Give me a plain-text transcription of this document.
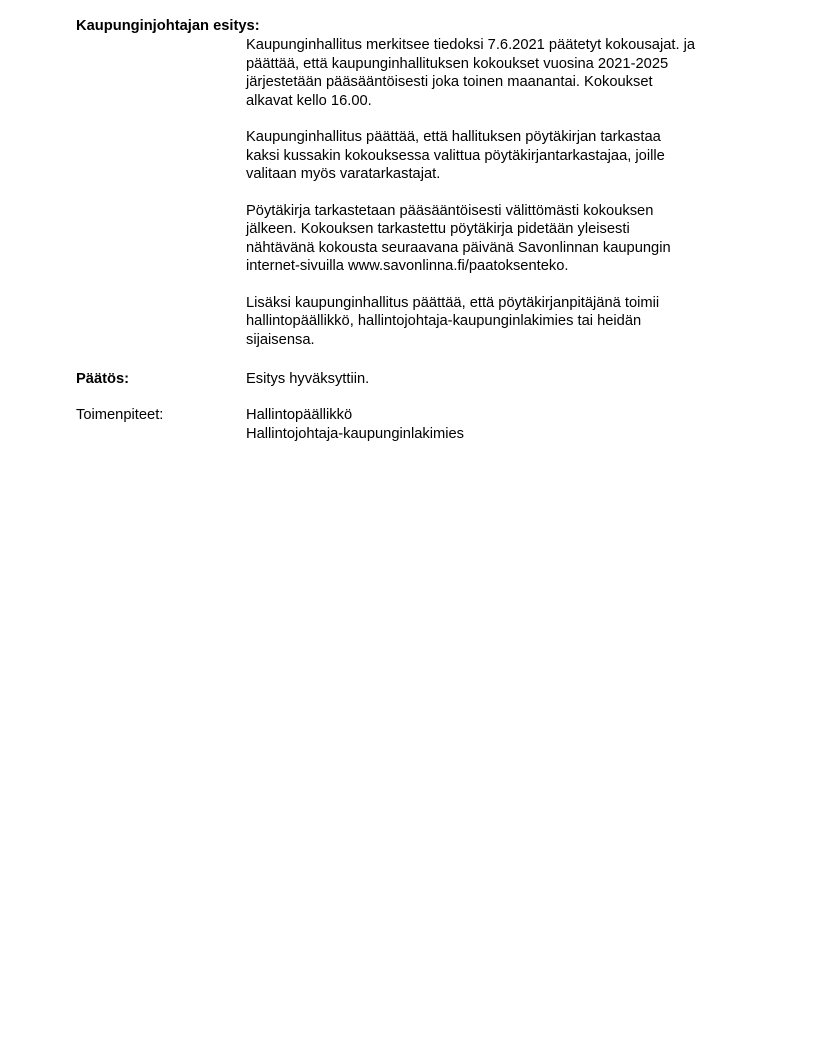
Kaupunginjohtajan esitys:

Kaupunginhallitus merkitsee tiedoksi 7.6.2021 päätetyt kokousajat. ja
päättää, että kaupunginhallituksen kokoukset vuosina 2021-2025
järjestetään pääsääntöisesti joka toinen maanantai. Kokoukset
alkavat kello 16.00.

Kaupunginhallitus päättää, että hallituksen pöytäkirjan tarkastaa
kaksi kussakin kokouksessa valittua pöytäkirjantarkastajaa, joille
valitaan myös varatarkastajat.

Pöytäkirja tarkastetaan pääsääntöisesti välittömästi kokouksen
jälkeen. Kokouksen tarkastettu pöytäkirja pidetään yleisesti
nähtävänä kokousta seuraavana päivänä Savonlinnan kaupungin
internet-sivuilla www.savonlinna.fi/paatoksenteko.

Lisäksi kaupunginhallitus päättää, että pöytäkirjanpitäjänä toimii
hallintopäällikkö, hallintojohtaja-kaupunginlakimies tai heidän
sijaisensa.

Päätös:	Esitys hyväksyttiin.
Toimenpiteet:	Hallintopäällikkö
Hallintojohtaja-kaupunginlakimies
